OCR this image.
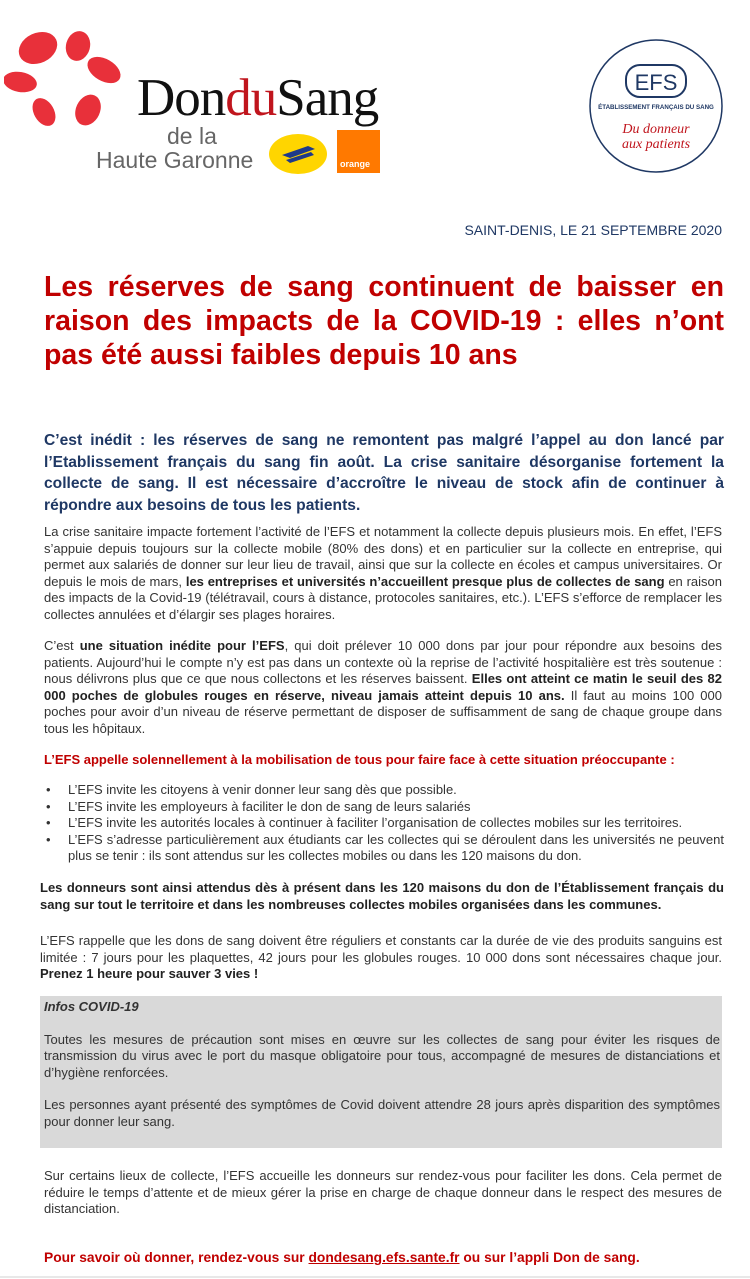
DonduSang
de la
Haute Garonne	orange
EFS
ÉTABLISSEMENT FRANÇAIS DU SANG
Du donneur
aux patients
SAINT-DENIS, LE 21 SEPTEMBRE 2020
Les réserves de sang continuent de baisser en raison des impacts de la COVID-19 : elles n’ont pas été aussi faibles depuis 10 ans

C’est inédit : les réserves de sang ne remontent pas malgré l’appel au don lancé par l’Etablissement français du sang fin août. La crise sanitaire désorganise fortement la collecte de sang. Il est nécessaire d’accroître le niveau de stock afin de continuer à répondre aux besoins de tous les patients.

La crise sanitaire impacte fortement l’activité de l’EFS et notamment la collecte depuis plusieurs mois. En effet, l’EFS s’appuie depuis toujours sur la collecte mobile (80% des dons) et en particulier sur la collecte en entreprise, qui permet aux salariés de donner sur leur lieu de travail, ainsi que sur la collecte en écoles et campus universitaires. Or depuis le mois de mars, les entreprises et universités n’accueillent presque plus de collectes de sang en raison des impacts de la Covid-19 (télétravail, cours à distance, protocoles sanitaires, etc.). L’EFS s’efforce de remplacer les collectes annulées et d’élargir ses plages horaires.

C’est une situation inédite pour l’EFS, qui doit prélever 10 000 dons par jour pour répondre aux besoins des patients. Aujourd’hui le compte n’y est pas dans un contexte où la reprise de l’activité hospitalière est très soutenue : nous délivrons plus que ce que nous collectons et les réserves baissent. Elles ont atteint ce matin le seuil des 82 000 poches de globules rouges en réserve, niveau jamais atteint depuis 10 ans. Il faut au moins 100 000 poches pour avoir d’un niveau de réserve permettant de disposer de suffisamment de sang de chaque groupe dans tous les hôpitaux.

L’EFS appelle solennellement à la mobilisation de tous pour faire face à cette situation préoccupante :
• L’EFS invite les citoyens à venir donner leur sang dès que possible.
• L’EFS invite les employeurs à faciliter le don de sang de leurs salariés
• L’EFS invite les autorités locales à continuer à faciliter l’organisation de collectes mobiles sur les territoires.
• L’EFS s’adresse particulièrement aux étudiants car les collectes qui se déroulent dans les universités ne peuvent plus se tenir : ils sont attendus sur les collectes mobiles ou dans les 120 maisons du don.

Les donneurs sont ainsi attendus dès à présent dans les 120 maisons du don de l’Établissement français du sang sur tout le territoire et dans les nombreuses collectes mobiles organisées dans les communes.

L’EFS rappelle que les dons de sang doivent être réguliers et constants car la durée de vie des produits sanguins est limitée : 7 jours pour les plaquettes, 42 jours pour les globules rouges. 10 000 dons sont nécessaires chaque jour. Prenez 1 heure pour sauver 3 vies !

Infos COVID-19

Toutes les mesures de précaution sont mises en œuvre sur les collectes de sang pour éviter les risques de transmission du virus avec le port du masque obligatoire pour tous, accompagné de mesures de distanciations et d’hygiène renforcées.

Les personnes ayant présenté des symptômes de Covid doivent attendre 28 jours après disparition des symptômes pour donner leur sang.

Sur certains lieux de collecte, l’EFS accueille les donneurs sur rendez-vous pour faciliter les dons. Cela permet de réduire le temps d’attente et de mieux gérer la prise en charge de chaque donneur dans le respect des mesures de distanciation.

Pour savoir où donner, rendez-vous sur dondesang.efs.sante.fr ou sur l’appli Don de sang.
